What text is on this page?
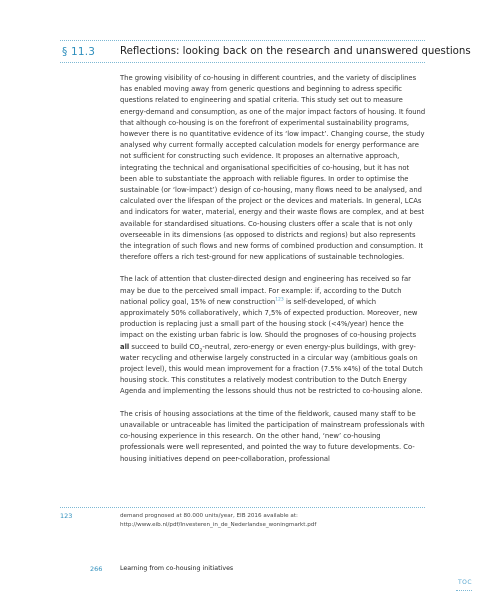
§ 11.3 Reflections: looking back on the research and unanswered questions

The growing visibility of co-housing in different countries, and the variety of disciplines has enabled moving away from generic questions and beginning to adress specific questions related to engineering and spatial criteria. This study set out to measure energy-demand and consumption, as one of the major impact factors of housing. It found that although co-housing is on the forefront of experimental sustainability programs, however there is no quantitative evidence of its ‘low impact’. Changing course, the study analysed why current formally accepted calculation models for energy performance are not sufficient for constructing such evidence. It proposes an alternative approach, integrating the technical and organisational specificities of co-housing, but it has not been able to substantiate the approach with reliable figures. In order to optimise the sustainable (or ‘low-impact’) design of co-housing, many flows need to be analysed, and calculated over the lifespan of the project or the devices and materials. In general, LCAs and indicators for water, material, energy and their waste flows are complex, and at best available for standardised situations. Co-housing clusters offer a scale that is not only overseeable in its dimensions (as opposed to districts and regions) but also represents the integration of such flows and new forms of combined production and consumption. It therefore offers a rich test-ground for new applications of sustainable technologies.

The lack of attention that cluster-directed design and engineering has received so far may be due to the perceived small impact. For example: if, according to the Dutch national policy goal, 15% of new construction$^{123}$ is self-developed, of which approximately 50% collaboratively, which 7,5% of expected production. Moreover, new production is replacing just a small part of the housing stock (<4%/year) hence the impact on the existing urban fabric is low. Should the prognoses of co-housing projects all succeed to build $CO_2$-neutral, zero-energy or even energy-plus buildings, with grey-water recycling and otherwise largely constructed in a circular way (ambitious goals on project level), this would mean improvement for a fraction (7.5% x4%) of the total Dutch housing stock. This constitutes a relatively modest contribution to the Dutch Energy Agenda and implementing the lessons should thus not be restricted to co-housing alone.

The crisis of housing associations at the time of the fieldwork, caused many staff to be unavailable or untraceable has limited the participation of mainstream professionals with co-housing experience in this research. On the other hand, ‘new’ co-housing professionals were well represented, and pointed the way to future developments. Co-housing initiatives depend on peer-collaboration, professional

123	demand prognosed at 80.000 units/year, EIB 2016 available at: http://www.eib.nl/pdf/Investeren_in_de_Nederlandse_woningmarkt.pdf
266	Learning from co-housing initiatives
TOC
